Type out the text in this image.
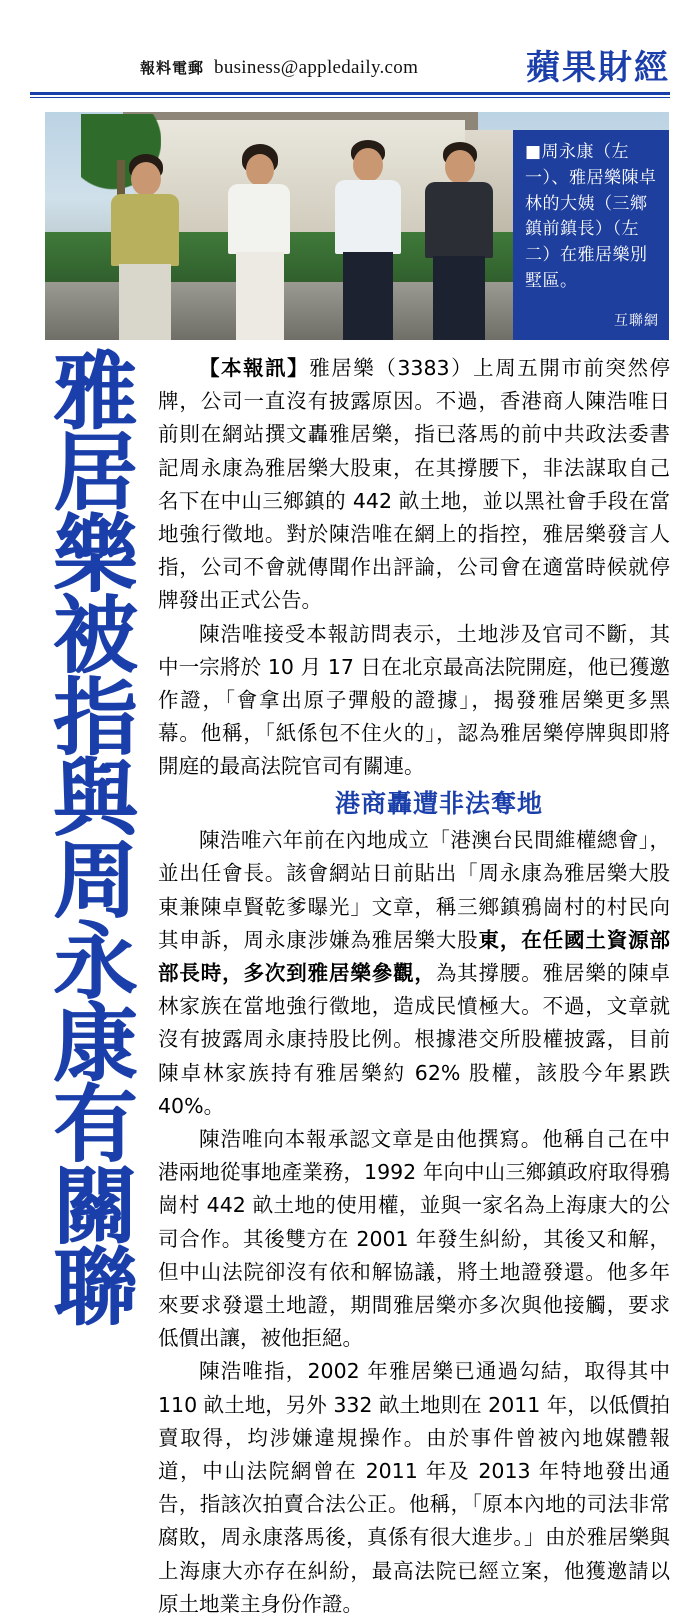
報料電郵 business@appledaily.com	蘋果財經
■周永康（左一）、雅居樂陳卓林的大姨（三鄉鎮前鎮長）（左二）在雅居樂別墅區。
互聯網
雅
居
樂
被
指
與
周
永
康
有
關
聯

【本報訊】雅居樂（3383）上周五開市前突然停牌，公司一直沒有披露原因。不過，香港商人陳浩唯日前則在網站撰文轟雅居樂，指已落馬的前中共政法委書記周永康為雅居樂大股東，在其撐腰下，非法謀取自己名下在中山三鄉鎮的 442 畝土地，並以黑社會手段在當地強行徵地。對於陳浩唯在網上的指控，雅居樂發言人指，公司不會就傳聞作出評論，公司會在適當時候就停牌發出正式公告。

陳浩唯接受本報訪問表示，土地涉及官司不斷，其中一宗將於 10 月 17 日在北京最高法院開庭，他已獲邀作證，「會拿出原子彈般的證據」，揭發雅居樂更多黑幕。他稱，「紙係包不住火的」，認為雅居樂停牌與即將開庭的最高法院官司有關連。

港商轟遭非法奪地

陳浩唯六年前在內地成立「港澳台民間維權總會」，並出任會長。該會網站日前貼出「周永康為雅居樂大股東兼陳卓賢乾爹曝光」文章，稱三鄉鎮鴉崗村的村民向其申訴，周永康涉嫌為雅居樂大股東，在任國土資源部部長時，多次到雅居樂參觀，為其撐腰。雅居樂的陳卓林家族在當地強行徵地，造成民憤極大。不過，文章就沒有披露周永康持股比例。根據港交所股權披露，目前陳卓林家族持有雅居樂約 62% 股權，該股今年累跌 40%。

陳浩唯向本報承認文章是由他撰寫。他稱自己在中港兩地從事地產業務，1992 年向中山三鄉鎮政府取得鴉崗村 442 畝土地的使用權，並與一家名為上海康大的公司合作。其後雙方在 2001 年發生糾紛，其後又和解，但中山法院卻沒有依和解協議，將土地證發還。他多年來要求發還土地證，期間雅居樂亦多次與他接觸，要求低價出讓，被他拒絕。

陳浩唯指，2002 年雅居樂已通過勾結，取得其中 110 畝土地，另外 332 畝土地則在 2011 年，以低價拍賣取得，均涉嫌違規操作。由於事件曾被內地媒體報道，中山法院網曾在 2011 年及 2013 年特地發出通告，指該次拍賣合法公正。他稱，「原本內地的司法非常腐敗，周永康落馬後，真係有很大進步。」由於雅居樂與上海康大亦存在糾紛，最高法院已經立案，他獲邀請以原土地業主身份作證。
